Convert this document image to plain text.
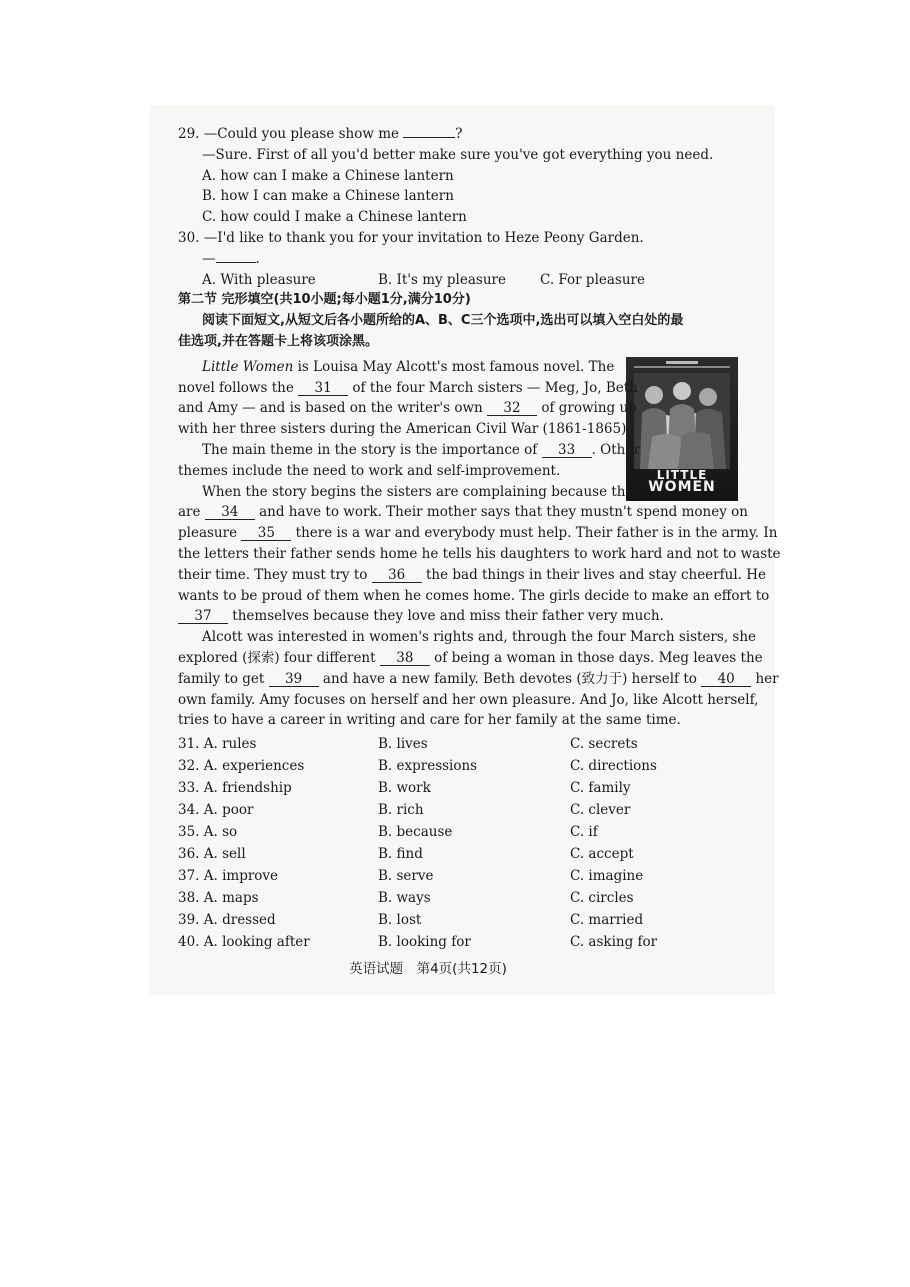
29. —Could you please show me	?
—Sure. First of all you'd better make sure you've got everything you need.
A. how can I make a Chinese lantern
B. how I can make a Chinese lantern
C. how could I make a Chinese lantern
30. —I'd like to thank you for your invitation to Heze Peony Garden.
—	.
A. With pleasure	B. It's my pleasure	C. For pleasure
第二节 完形填空(共10小题;每小题1分,满分10分)
阅读下面短文,从短文后各小题所给的A、B、C三个选项中,选出可以填入空白处的最
佳选项,并在答题卡上将该项涂黑。
LITTLE
WOMEN
Little Women is Louisa May Alcott's most famous novel. The
novel follows the 31 of the four March sisters — Meg, Jo, Beth
and Amy — and is based on the writer's own 32 of growing up
with her three sisters during the American Civil War (1861-1865).
The main theme in the story is the importance of 33 . Other
themes include the need to work and self-improvement.
When the story begins the sisters are complaining because they
are 34 and have to work. Their mother says that they mustn't spend money on
pleasure 35 there is a war and everybody must help. Their father is in the army. In
the letters their father sends home he tells his daughters to work hard and not to waste
their time. They must try to 36 the bad things in their lives and stay cheerful. He
wants to be proud of them when he comes home. The girls decide to make an effort to
37 themselves because they love and miss their father very much.
Alcott was interested in women's rights and, through the four March sisters, she
explored (探索) four different 38 of being a woman in those days. Meg leaves the
family to get 39 and have a new family. Beth devotes (致力于) herself to 40 her
own family. Amy focuses on herself and her own pleasure. And Jo, like Alcott herself,
tries to have a career in writing and care for her family at the same time.
31. A. rules	B. lives	C. secrets
32. A. experiences	B. expressions	C. directions
33. A. friendship	B. work	C. family
34. A. poor	B. rich	C. clever
35. A. so	B. because	C. if
36. A. sell	B. find	C. accept
37. A. improve	B. serve	C. imagine
38. A. maps	B. ways	C. circles
39. A. dressed	B. lost	C. married
40. A. looking after	B. looking for	C. asking for
英语试题　第4页(共12页)
